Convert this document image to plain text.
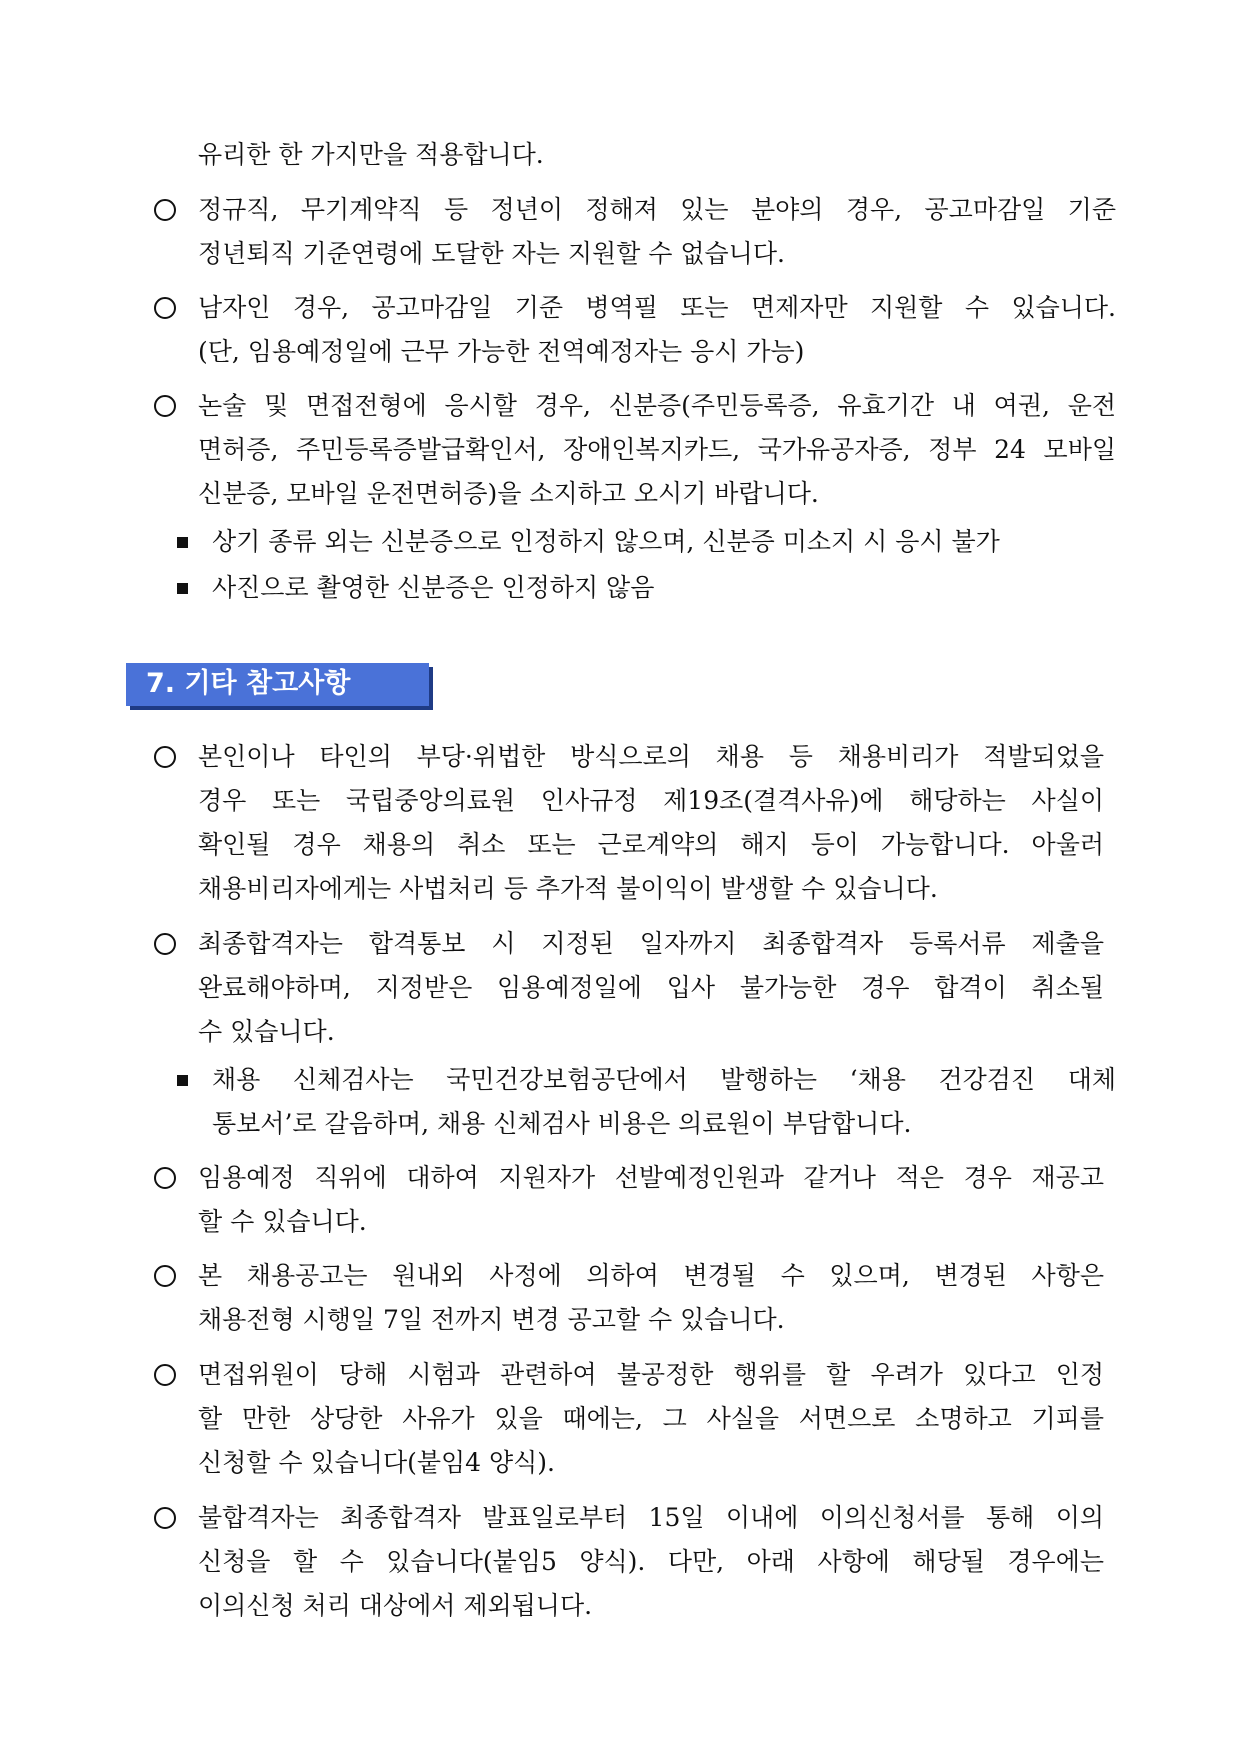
유리한 한 가지만을 적용합니다.
정규직, 무기계약직 등 정년이 정해져 있는 분야의 경우, 공고마감일 기준
정년퇴직 기준연령에 도달한 자는 지원할 수 없습니다.
남자인 경우, 공고마감일 기준 병역필 또는 면제자만 지원할 수 있습니다.
(단, 임용예정일에 근무 가능한 전역예정자는 응시 가능)
논술 및 면접전형에 응시할 경우, 신분증(주민등록증, 유효기간 내 여권, 운전
면허증, 주민등록증발급확인서, 장애인복지카드, 국가유공자증, 정부 24 모바일
신분증, 모바일 운전면허증)을 소지하고 오시기 바랍니다.
상기 종류 외는 신분증으로 인정하지 않으며, 신분증 미소지 시 응시 불가
사진으로 촬영한 신분증은 인정하지 않음
7. 기타 참고사항
본인이나 타인의 부당·위법한 방식으로의 채용 등 채용비리가 적발되었을
경우 또는 국립중앙의료원 인사규정 제19조(결격사유)에 해당하는 사실이
확인될 경우 채용의 취소 또는 근로계약의 해지 등이 가능합니다. 아울러
채용비리자에게는 사법처리 등 추가적 불이익이 발생할 수 있습니다.
최종합격자는 합격통보 시 지정된 일자까지 최종합격자 등록서류 제출을
완료해야하며, 지정받은 임용예정일에 입사 불가능한 경우 합격이 취소될
수 있습니다.
채용 신체검사는 국민건강보험공단에서 발행하는 ‘채용 건강검진 대체
통보서’로 갈음하며, 채용 신체검사 비용은 의료원이 부담합니다.
임용예정 직위에 대하여 지원자가 선발예정인원과 같거나 적은 경우 재공고
할 수 있습니다.
본 채용공고는 원내외 사정에 의하여 변경될 수 있으며, 변경된 사항은
채용전형 시행일 7일 전까지 변경 공고할 수 있습니다.
면접위원이 당해 시험과 관련하여 불공정한 행위를 할 우려가 있다고 인정
할 만한 상당한 사유가 있을 때에는, 그 사실을 서면으로 소명하고 기피를
신청할 수 있습니다(붙임4 양식).
불합격자는 최종합격자 발표일로부터 15일 이내에 이의신청서를 통해 이의
신청을 할 수 있습니다(붙임5 양식). 다만, 아래 사항에 해당될 경우에는
이의신청 처리 대상에서 제외됩니다.
